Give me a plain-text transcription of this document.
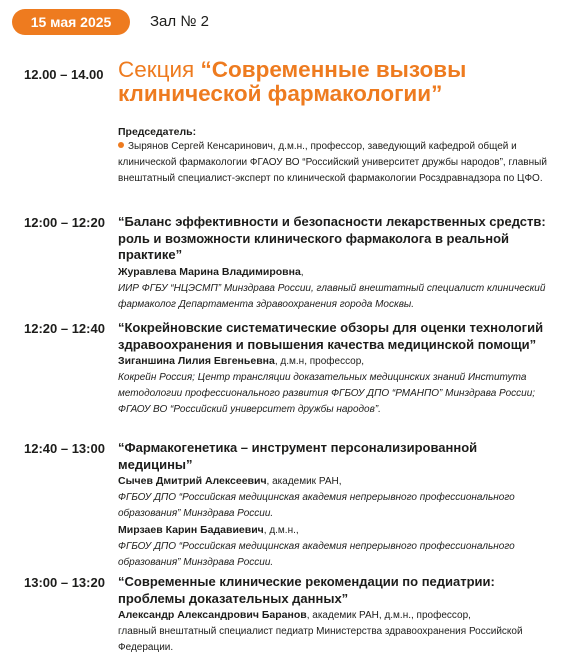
15 мая 2025	Зал № 2
12.00 – 14.00 Секция “Современные вызовы клинической фармакологии”

Председатель:

Зырянов Сергей Кенсаринович, д.м.н., профессор, заведующий кафедрой общей и клинической фармакологии ФГАОУ ВО “Российский университет дружбы народов”, главный внештатный специалист-эксперт по клинической фармакологии Росздравнадзора по ЦФО.

12:00 – 12:20 “Баланс эффективности и безопасности лекарственных средств: роль и возможности клинического фармаколога в реальной практике”

Журавлева Марина Владимировна,

ИИР ФГБУ “НЦЭСМП” Минздрава России, главный внештатный специалист клинический фармаколог Департамента здравоохранения города Москвы.

12:20 – 12:40 “Кокрейновские систематические обзоры для оценки технологий здравоохранения и повышения качества медицинской помощи”

Зиганшина Лилия Евгеньевна, д.м.н, профессор,

Кокрейн Россия; Центр трансляции доказательных медицинских знаний Института методологии профессионального развития ФГБОУ ДПО “РМАНПО” Минздрава России; ФГАОУ ВО “Российский университет дружбы народов”.

12:40 – 13:00 “Фармакогенетика – инструмент персонализированной медицины”

Сычев Дмитрий Алексеевич, академик РАН,

ФГБОУ ДПО “Российская медицинская академия непрерывного профессионального образования” Минздрава России.

Мирзаев Карин Бадавиевич, д.м.н.,

ФГБОУ ДПО “Российская медицинская академия непрерывного профессионального образования” Минздрава России.

13:00 – 13:20 “Современные клинические рекомендации по педиатрии: проблемы доказательных данных”

Александр Александрович Баранов, академик РАН, д.м.н., профессор,

главный внештатный специалист педиатр Министерства здравоохранения Российской Федерации.
